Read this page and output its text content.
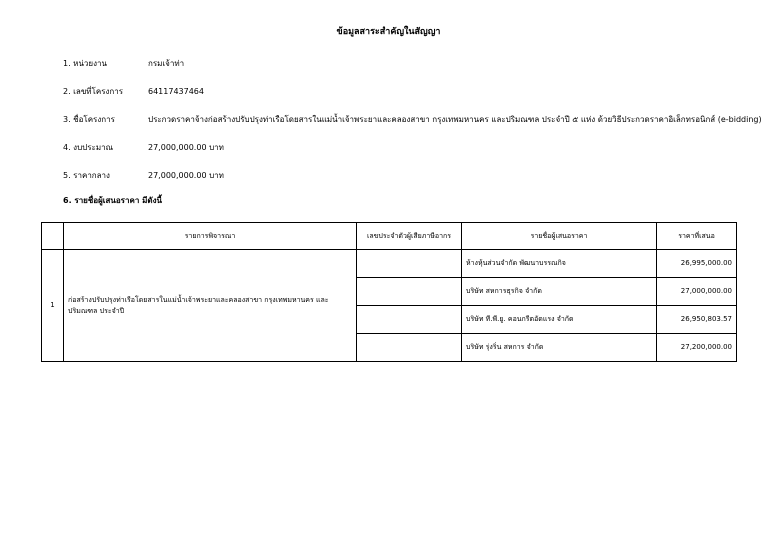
ข้อมูลสาระสำคัญในสัญญา
1. หน่วยงาน	กรมเจ้าท่า
2. เลขที่โครงการ	64117437464
3. ชื่อโครงการ	ประกวดราคาจ้างก่อสร้างปรับปรุงท่าเรือโดยสารในแม่น้ำเจ้าพระยาและคลองสาขา กรุงเทพมหานคร และปริมณฑล ประจำปี ๕ แห่ง ด้วยวิธีประกวดราคาอิเล็กทรอนิกส์ (e-bidding)
4. งบประมาณ	27,000,000.00 บาท
5. ราคากลาง	27,000,000.00 บาท
6. รายชื่อผู้เสนอราคา มีดังนี้
	รายการพิจารณา	เลขประจำตัวผู้เสียภาษีอากร	รายชื่อผู้เสนอราคา	ราคาที่เสนอ
1	ก่อสร้างปรับปรุงท่าเรือโดยสารในแม่น้ำเจ้าพระยาและคลองสาขา กรุงเทพมหานคร และปริมณฑล ประจำปี		ห้างหุ้นส่วนจำกัด พัฒนาบรรณกิจ	26,995,000.00
			บริษัท สหการธุรกิจ จำกัด	27,000,000.00
			บริษัท ที.พี.ยู. คอนกรีตอัดแรง จำกัด	26,950,803.57
			บริษัท รุ่งริ่น สหการ จำกัด	27,200,000.00
